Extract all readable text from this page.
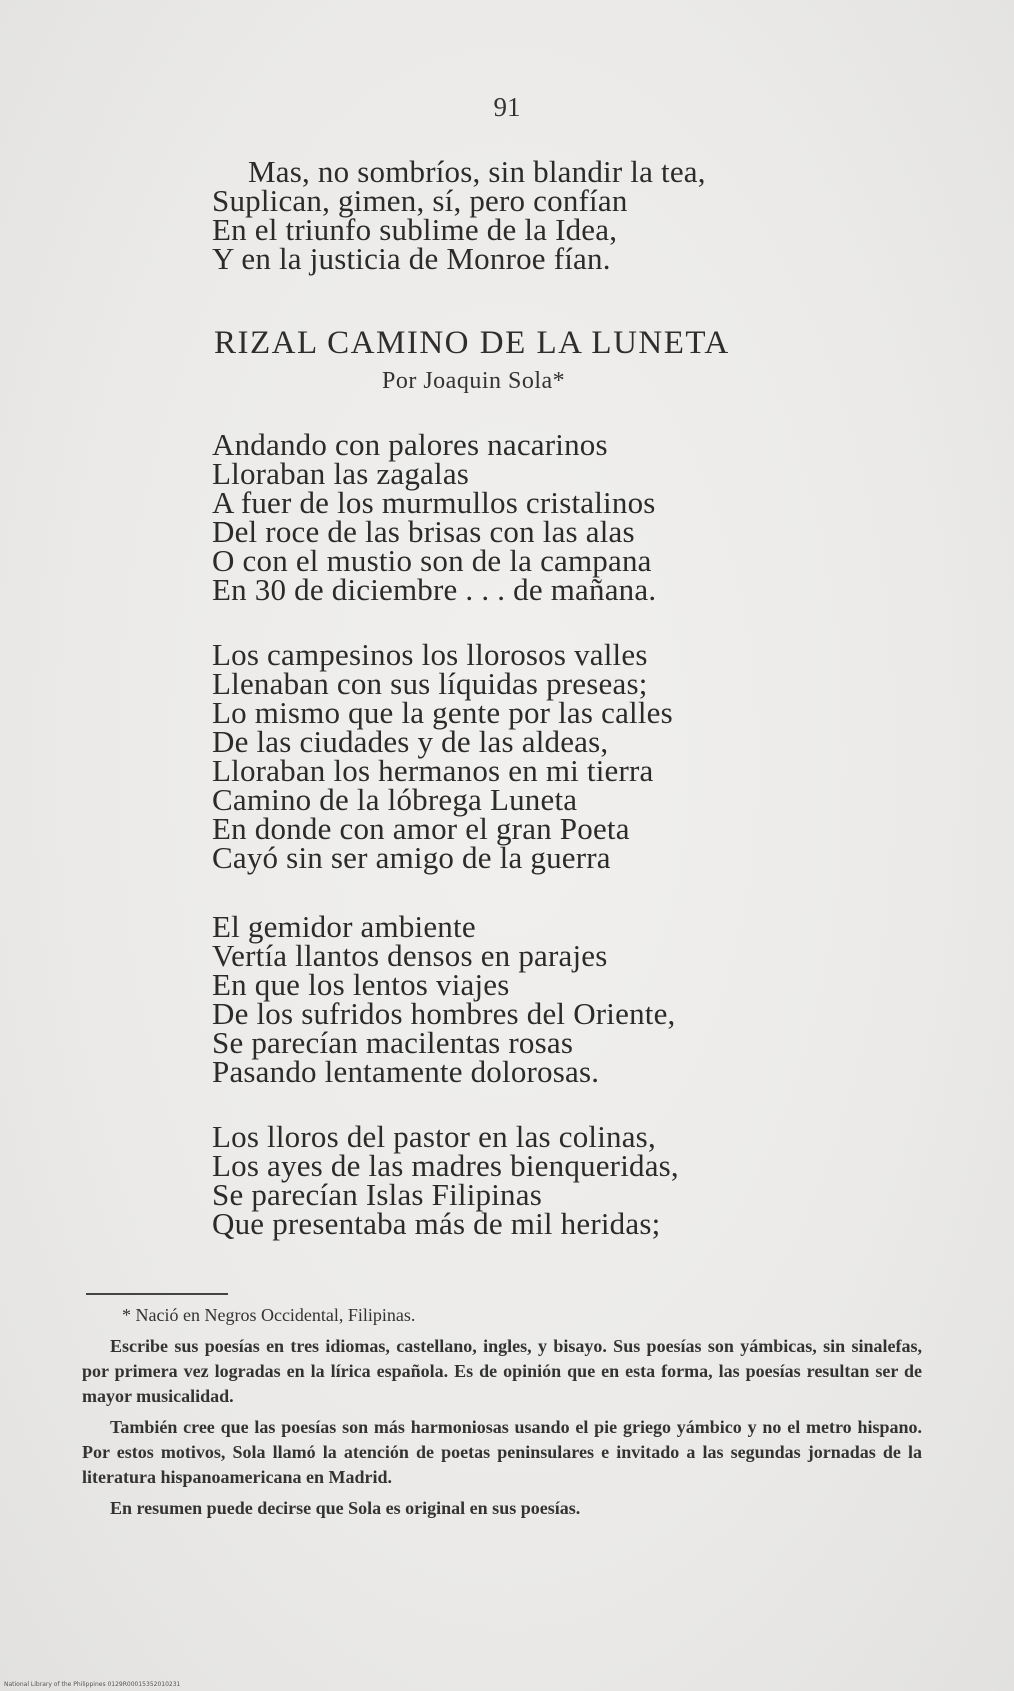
91
Mas, no sombríos, sin blandir la tea,
Suplican, gimen, sí, pero confían
En el triunfo sublime de la Idea,
Y en la justicia de Monroe fían.
RIZAL CAMINO DE LA LUNETA
Por Joaquin Sola*
Andando con palores nacarinos
Lloraban las zagalas
A fuer de los murmullos cristalinos
Del roce de las brisas con las alas
O con el mustio son de la campana
En 30 de diciembre . . . de mañana.
Los campesinos los llorosos valles
Llenaban con sus líquidas preseas;
Lo mismo que la gente por las calles
De las ciudades y de las aldeas,
Lloraban los hermanos en mi tierra
Camino de la lóbrega Luneta
En donde con amor el gran Poeta
Cayó sin ser amigo de la guerra
El gemidor ambiente
Vertía llantos densos en parajes
En que los lentos viajes
De los sufridos hombres del Oriente,
Se parecían macilentas rosas
Pasando lentamente dolorosas.
Los lloros del pastor en las colinas,
Los ayes de las madres bienqueridas,
Se parecían Islas Filipinas
Que presentaba más de mil heridas;

* Nació en Negros Occidental, Filipinas.

Escribe sus poesías en tres idiomas, castellano, ingles, y bisayo. Sus poesías son yámbicas, sin sinalefas, por primera vez logradas en la lírica española. Es de opinión que en esta forma, las poesías resultan ser de mayor musicalidad.

También cree que las poesías son más harmoniosas usando el pie griego yámbico y no el metro hispano. Por estos motivos, Sola llamó la atención de poetas peninsulares e invitado a las segundas jornadas de la literatura hispanoamericana en Madrid.

En resumen puede decirse que Sola es original en sus poesías.

National Library of the Philippines 0129R00015352010231
